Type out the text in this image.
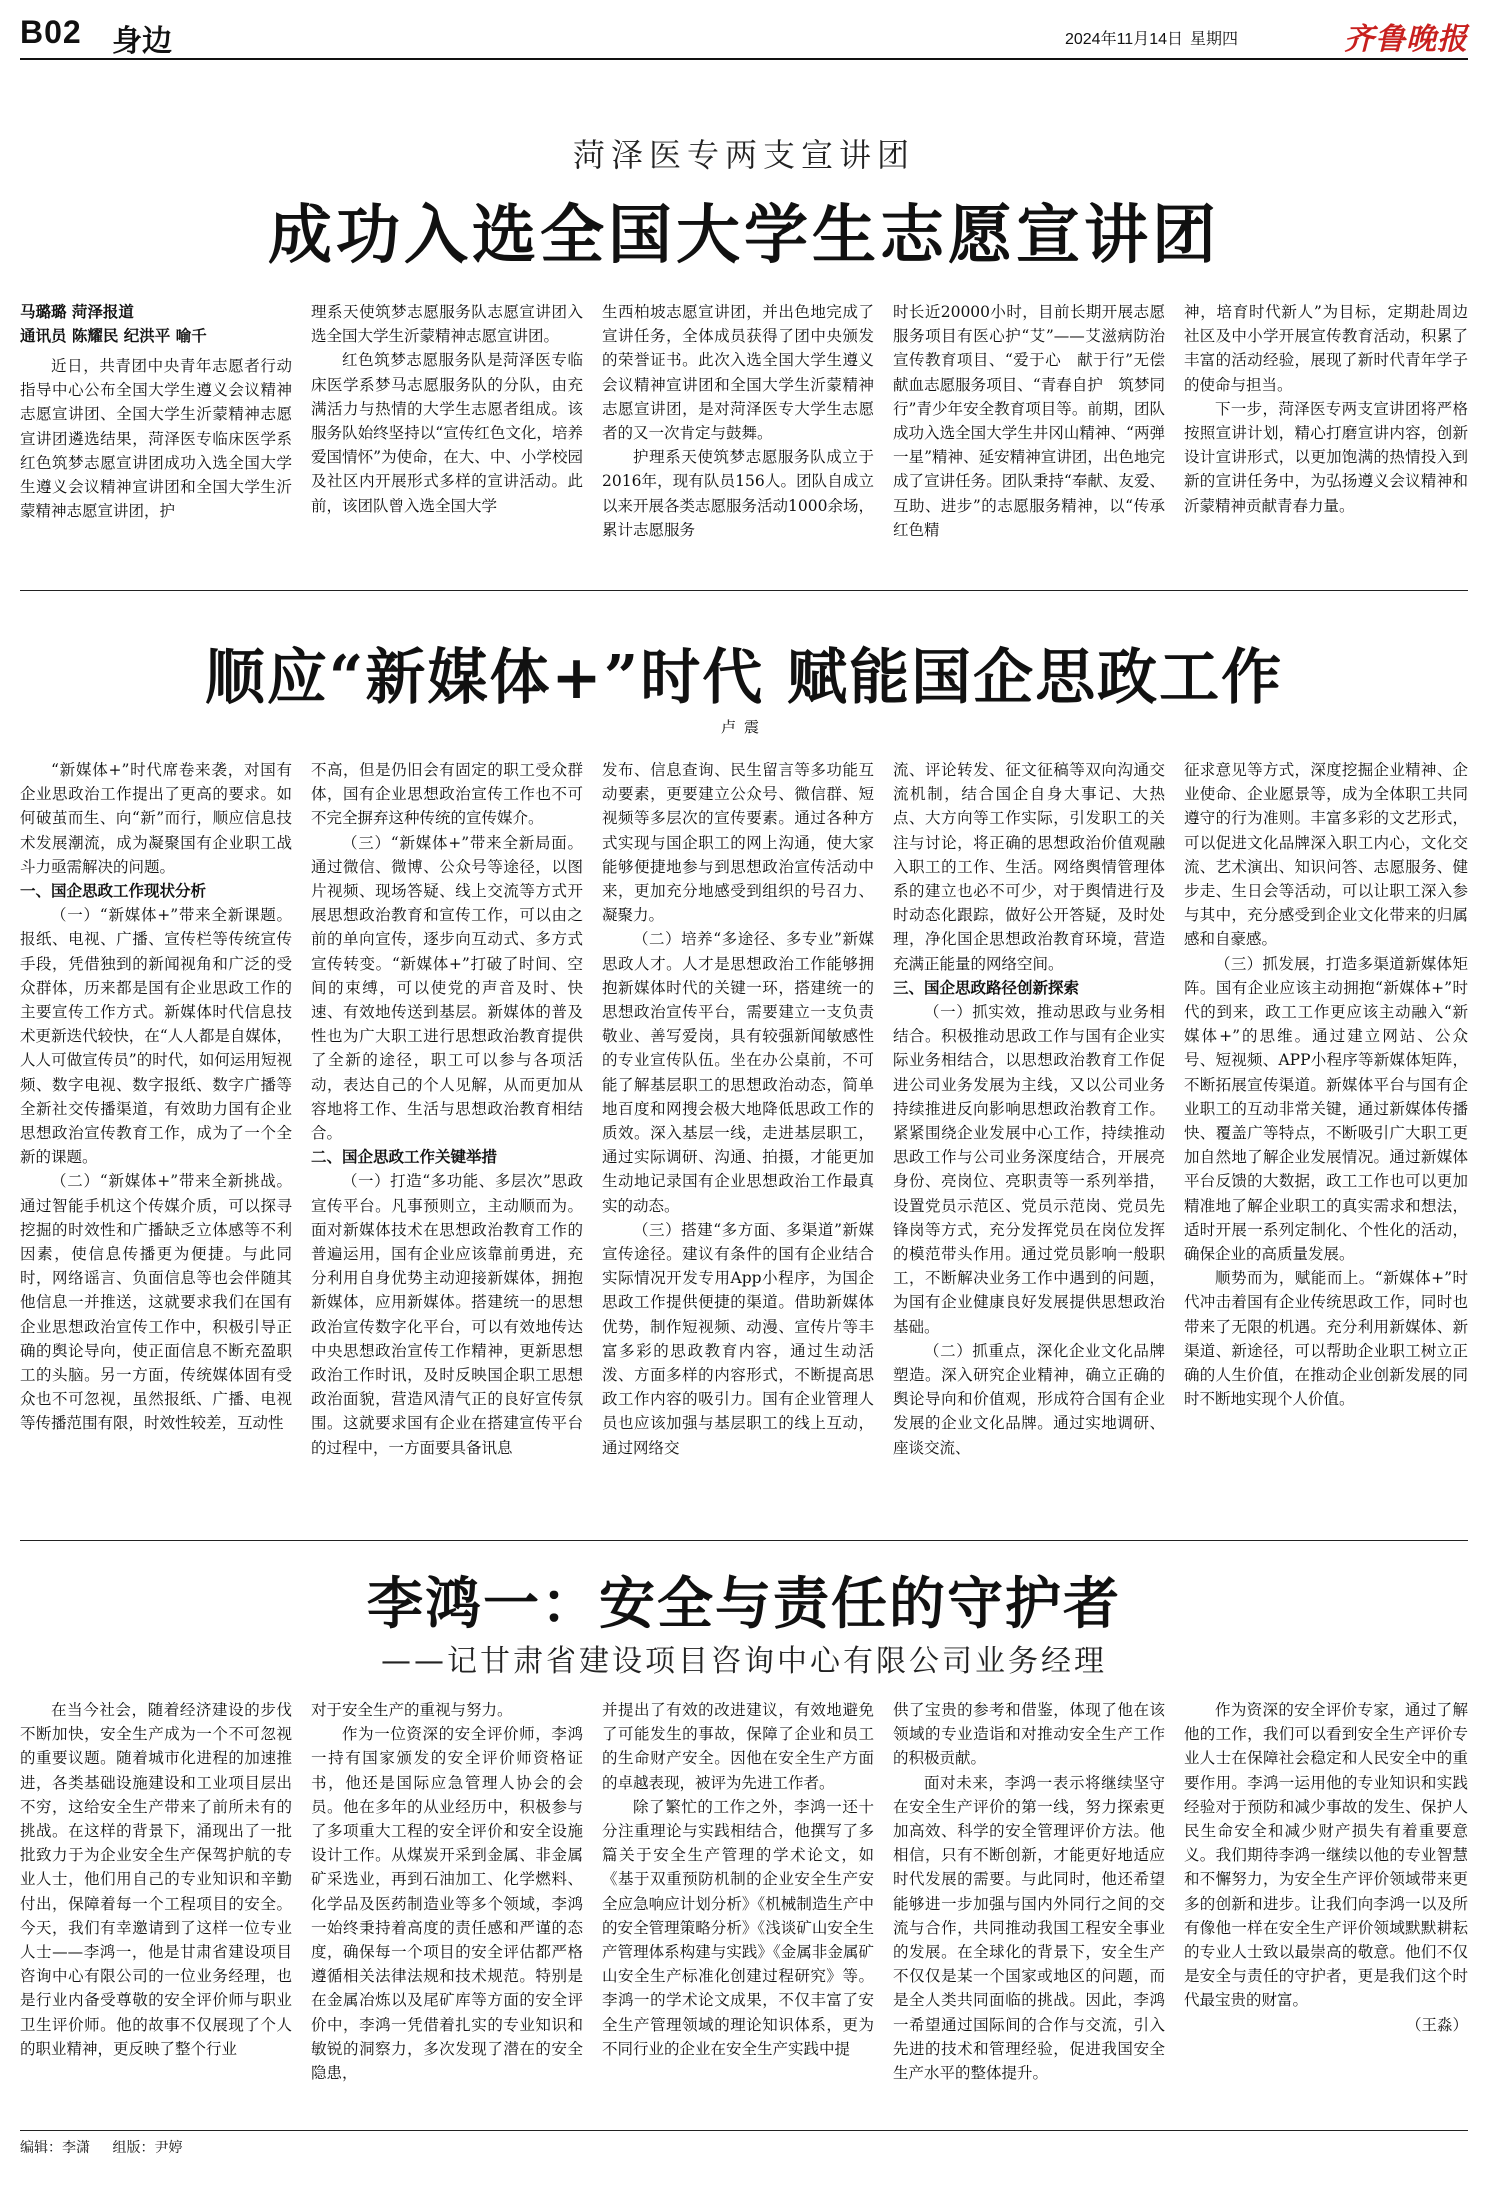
B02 身边	2024年11月14日 星期四	齐鲁晚报
菏泽医专两支宣讲团
成功入选全国大学生志愿宣讲团
马璐璐 菏泽报道
通讯员 陈耀民 纪洪平 喻千

近日，共青团中央青年志愿者行动指导中心公布全国大学生遵义会议精神志愿宣讲团、全国大学生沂蒙精神志愿宣讲团遴选结果，菏泽医专临床医学系红色筑梦志愿宣讲团成功入选全国大学生遵义会议精神宣讲团和全国大学生沂蒙精神志愿宣讲团，护

理系天使筑梦志愿服务队志愿宣讲团入选全国大学生沂蒙精神志愿宣讲团。

红色筑梦志愿服务队是菏泽医专临床医学系梦马志愿服务队的分队，由充满活力与热情的大学生志愿者组成。该服务队始终坚持以“宣传红色文化，培养爱国情怀”为使命，在大、中、小学校园及社区内开展形式多样的宣讲活动。此前，该团队曾入选全国大学

生西柏坡志愿宣讲团，并出色地完成了宣讲任务，全体成员获得了团中央颁发的荣誉证书。此次入选全国大学生遵义会议精神宣讲团和全国大学生沂蒙精神志愿宣讲团，是对菏泽医专大学生志愿者的又一次肯定与鼓舞。

护理系天使筑梦志愿服务队成立于2016年，现有队员156人。团队自成立以来开展各类志愿服务活动1000余场，累计志愿服务

时长近20000小时，目前长期开展志愿服务项目有医心护“艾”——艾滋病防治宣传教育项目、“爱于心　献于行”无偿献血志愿服务项目、“青春自护　筑梦同行”青少年安全教育项目等。前期，团队成功入选全国大学生井冈山精神、“两弹一星”精神、延安精神宣讲团，出色地完成了宣讲任务。团队秉持“奉献、友爱、互助、进步”的志愿服务精神，以“传承红色精

神，培育时代新人”为目标，定期赴周边社区及中小学开展宣传教育活动，积累了丰富的活动经验，展现了新时代青年学子的使命与担当。

下一步，菏泽医专两支宣讲团将严格按照宣讲计划，精心打磨宣讲内容，创新设计宣讲形式，以更加饱满的热情投入到新的宣讲任务中，为弘扬遵义会议精神和沂蒙精神贡献青春力量。

顺应“新媒体+”时代 赋能国企思政工作
卢震

“新媒体+”时代席卷来袭，对国有企业思政治工作提出了更高的要求。如何破茧而生、向“新”而行，顺应信息技术发展潮流，成为凝聚国有企业职工战斗力亟需解决的问题。

一、国企思政工作现状分析

（一）“新媒体+”带来全新课题。报纸、电视、广播、宣传栏等传统宣传手段，凭借独到的新闻视角和广泛的受众群体，历来都是国有企业思政工作的主要宣传工作方式。新媒体时代信息技术更新迭代较快，在“人人都是自媒体，人人可做宣传员”的时代，如何运用短视频、数字电视、数字报纸、数字广播等全新社交传播渠道，有效助力国有企业思想政治宣传教育工作，成为了一个全新的课题。

（二）“新媒体+”带来全新挑战。通过智能手机这个传媒介质，可以探寻挖掘的时效性和广播缺乏立体感等不利因素，使信息传播更为便捷。与此同时，网络谣言、负面信息等也会伴随其他信息一并推送，这就要求我们在国有企业思想政治宣传工作中，积极引导正确的舆论导向，使正面信息不断充盈职工的头脑。另一方面，传统媒体固有受众也不可忽视，虽然报纸、广播、电视等传播范围有限，时效性较差，互动性

不高，但是仍旧会有固定的职工受众群体，国有企业思想政治宣传工作也不可不完全摒弃这种传统的宣传媒介。

（三）“新媒体+”带来全新局面。通过微信、微博、公众号等途径，以图片视频、现场答疑、线上交流等方式开展思想政治教育和宣传工作，可以由之前的单向宣传，逐步向互动式、多方式宣传转变。“新媒体+”打破了时间、空间的束缚，可以使党的声音及时、快速、有效地传送到基层。新媒体的普及性也为广大职工进行思想政治教育提供了全新的途径，职工可以参与各项活动，表达自己的个人见解，从而更加从容地将工作、生活与思想政治教育相结合。

二、国企思政工作关键举措

（一）打造“多功能、多层次”思政宣传平台。凡事预则立，主动顺而为。面对新媒体技术在思想政治教育工作的普遍运用，国有企业应该靠前勇进，充分利用自身优势主动迎接新媒体，拥抱新媒体，应用新媒体。搭建统一的思想政治宣传数字化平台，可以有效地传达中央思想政治宣传工作精神，更新思想政治工作时讯，及时反映国企职工思想政治面貌，营造风清气正的良好宣传氛围。这就要求国有企业在搭建宣传平台的过程中，一方面要具备讯息

发布、信息查询、民生留言等多功能互动要素，更要建立公众号、微信群、短视频等多层次的宣传要素。通过各种方式实现与国企职工的网上沟通，使大家能够便捷地参与到思想政治宣传活动中来，更加充分地感受到组织的号召力、凝聚力。

（二）培养“多途径、多专业”新媒思政人才。人才是思想政治工作能够拥抱新媒体时代的关键一环，搭建统一的思想政治宣传平台，需要建立一支负责敬业、善写爱岗，具有较强新闻敏感性的专业宣传队伍。坐在办公桌前，不可能了解基层职工的思想政治动态，简单地百度和网搜会极大地降低思政工作的质效。深入基层一线，走进基层职工，通过实际调研、沟通、拍摄，才能更加生动地记录国有企业思想政治工作最真实的动态。

（三）搭建“多方面、多渠道”新媒宣传途径。建议有条件的国有企业结合实际情况开发专用App小程序，为国企思政工作提供便捷的渠道。借助新媒体优势，制作短视频、动漫、宣传片等丰富多彩的思政教育内容，通过生动活泼、方面多样的内容形式，不断提高思政工作内容的吸引力。国有企业管理人员也应该加强与基层职工的线上互动，通过网络交

流、评论转发、征文征稿等双向沟通交流机制，结合国企自身大事记、大热点、大方向等工作实际，引发职工的关注与讨论，将正确的思想政治价值观融入职工的工作、生活。网络舆情管理体系的建立也必不可少，对于舆情进行及时动态化跟踪，做好公开答疑，及时处理，净化国企思想政治教育环境，营造充满正能量的网络空间。

三、国企思政路径创新探索

（一）抓实效，推动思政与业务相结合。积极推动思政工作与国有企业实际业务相结合，以思想政治教育工作促进公司业务发展为主线，又以公司业务持续推进反向影响思想政治教育工作。紧紧围绕企业发展中心工作，持续推动思政工作与公司业务深度结合，开展亮身份、亮岗位、亮职责等一系列举措，设置党员示范区、党员示范岗、党员先锋岗等方式，充分发挥党员在岗位发挥的模范带头作用。通过党员影响一般职工，不断解决业务工作中遇到的问题，为国有企业健康良好发展提供思想政治基础。

（二）抓重点，深化企业文化品牌塑造。深入研究企业精神，确立正确的舆论导向和价值观，形成符合国有企业发展的企业文化品牌。通过实地调研、座谈交流、

征求意见等方式，深度挖掘企业精神、企业使命、企业愿景等，成为全体职工共同遵守的行为准则。丰富多彩的文艺形式，可以促进文化品牌深入职工内心，文化交流、艺术演出、知识问答、志愿服务、健步走、生日会等活动，可以让职工深入参与其中，充分感受到企业文化带来的归属感和自豪感。

（三）抓发展，打造多渠道新媒体矩阵。国有企业应该主动拥抱“新媒体+”时代的到来，政工工作更应该主动融入“新媒体+”的思维。通过建立网站、公众号、短视频、APP小程序等新媒体矩阵，不断拓展宣传渠道。新媒体平台与国有企业职工的互动非常关键，通过新媒体传播快、覆盖广等特点，不断吸引广大职工更加自然地了解企业发展情况。通过新媒体平台反馈的大数据，政工工作也可以更加精准地了解企业职工的真实需求和想法，适时开展一系列定制化、个性化的活动，确保企业的高质量发展。

顺势而为，赋能而上。“新媒体+”时代冲击着国有企业传统思政工作，同时也带来了无限的机遇。充分利用新媒体、新渠道、新途径，可以帮助企业职工树立正确的人生价值，在推动企业创新发展的同时不断地实现个人价值。

李鸿一：安全与责任的守护者
——记甘肃省建设项目咨询中心有限公司业务经理

在当今社会，随着经济建设的步伐不断加快，安全生产成为一个不可忽视的重要议题。随着城市化进程的加速推进，各类基础设施建设和工业项目层出不穷，这给安全生产带来了前所未有的挑战。在这样的背景下，涌现出了一批批致力于为企业安全生产保驾护航的专业人士，他们用自己的专业知识和辛勤付出，保障着每一个工程项目的安全。今天，我们有幸邀请到了这样一位专业人士——李鸿一，他是甘肃省建设项目咨询中心有限公司的一位业务经理，也是行业内备受尊敬的安全评价师与职业卫生评价师。他的故事不仅展现了个人的职业精神，更反映了整个行业

对于安全生产的重视与努力。

作为一位资深的安全评价师，李鸿一持有国家颁发的安全评价师资格证书，他还是国际应急管理人协会的会员。他在多年的从业经历中，积极参与了多项重大工程的安全评价和安全设施设计工作。从煤炭开采到金属、非金属矿采选业，再到石油加工、化学燃料、化学品及医药制造业等多个领域，李鸿一始终秉持着高度的责任感和严谨的态度，确保每一个项目的安全评估都严格遵循相关法律法规和技术规范。特别是在金属冶炼以及尾矿库等方面的安全评价中，李鸿一凭借着扎实的专业知识和敏锐的洞察力，多次发现了潜在的安全隐患，

并提出了有效的改进建议，有效地避免了可能发生的事故，保障了企业和员工的生命财产安全。因他在安全生产方面的卓越表现，被评为先进工作者。

除了繁忙的工作之外，李鸿一还十分注重理论与实践相结合，他撰写了多篇关于安全生产管理的学术论文，如《基于双重预防机制的企业安全生产安全应急响应计划分析》《机械制造生产中的安全管理策略分析》《浅谈矿山安全生产管理体系构建与实践》《金属非金属矿山安全生产标准化创建过程研究》等。李鸿一的学术论文成果，不仅丰富了安全生产管理领域的理论知识体系，更为不同行业的企业在安全生产实践中提

供了宝贵的参考和借鉴，体现了他在该领域的专业造诣和对推动安全生产工作的积极贡献。

面对未来，李鸿一表示将继续坚守在安全生产评价的第一线，努力探索更加高效、科学的安全管理评价方法。他相信，只有不断创新，才能更好地适应时代发展的需要。与此同时，他还希望能够进一步加强与国内外同行之间的交流与合作，共同推动我国工程安全事业的发展。在全球化的背景下，安全生产不仅仅是某一个国家或地区的问题，而是全人类共同面临的挑战。因此，李鸿一希望通过国际间的合作与交流，引入先进的技术和管理经验，促进我国安全生产水平的整体提升。

作为资深的安全评价专家，通过了解他的工作，我们可以看到安全生产评价专业人士在保障社会稳定和人民安全中的重要作用。李鸿一运用他的专业知识和实践经验对于预防和减少事故的发生、保护人民生命安全和减少财产损失有着重要意义。我们期待李鸿一继续以他的专业智慧和不懈努力，为安全生产评价领域带来更多的创新和进步。让我们向李鸿一以及所有像他一样在安全生产评价领域默默耕耘的专业人士致以最崇高的敬意。他们不仅是安全与责任的守护者，更是我们这个时代最宝贵的财富。

（王淼）

编辑：李潇 组版：尹婷
